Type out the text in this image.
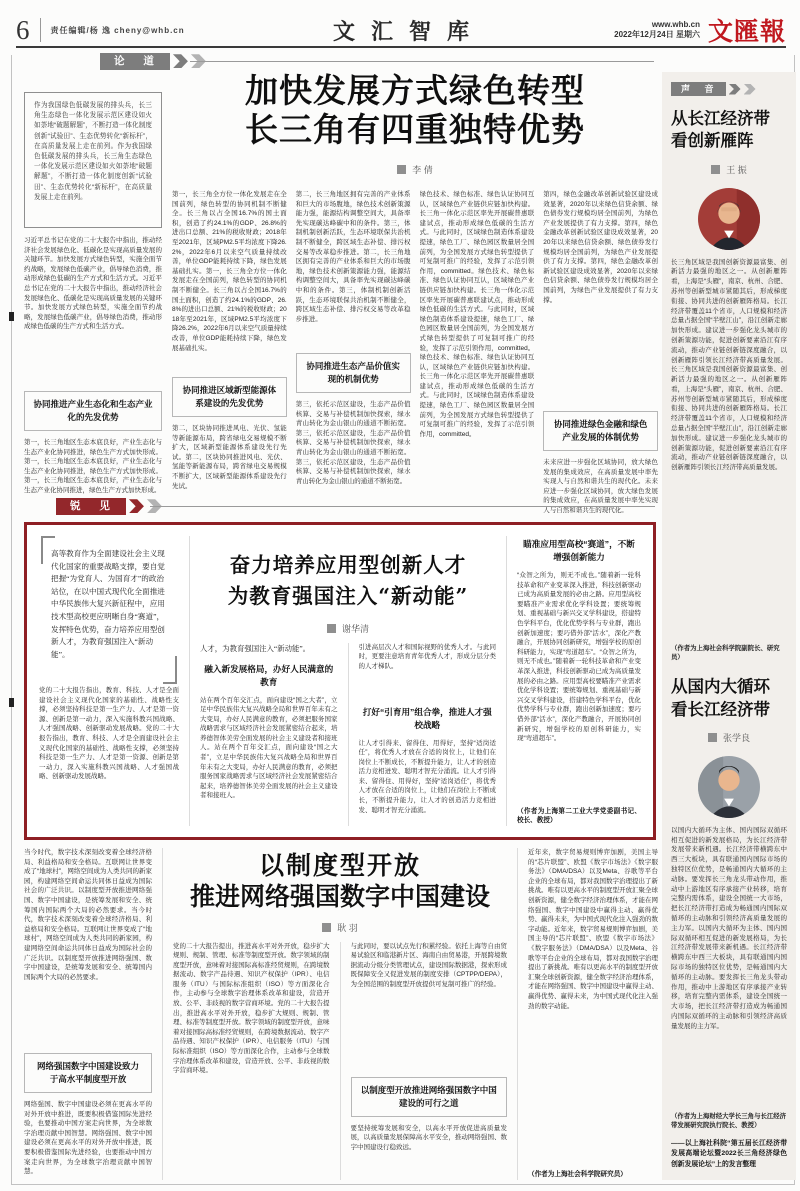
6	责任编辑/杨 逸 cheny@whb.cn	文汇智库	www.whb.cn
2022年12月24日 星期六 文匯報
论 道
加快发展方式绿色转型
长三角有四重独特优势
李 倩
作为我国绿色低碳发展的排头兵，长三角生态绿色一体化发展示范区建设如火如荼地“破题解题”，不断打造一体化制度创新“试验田”、生态优势转化“新标杆”，在高质量发展上走在前列。作为我国绿色低碳发展的排头兵，长三角生态绿色一体化发展示范区建设如火如荼地“破题解题”，不断打造一体化制度创新“试验田”、生态优势转化“新标杆”，在高质量发展上走在前列。
习近平总书记在党的二十大报告中指出，推动经济社会发展绿色化、低碳化是实现高质量发展的关键环节。加快发展方式绿色转型，实施全面节约战略，发展绿色低碳产业，倡导绿色消费，推动形成绿色低碳的生产方式和生活方式。习近平总书记在党的二十大报告中指出，推动经济社会发展绿色化、低碳化是实现高质量发展的关键环节。加快发展方式绿色转型，实施全面节约战略，发展绿色低碳产业，倡导绿色消费，推动形成绿色低碳的生产方式和生活方式。
协同推进产业生态化和生态产业化的先发优势
第一，长三角地区生态本底良好，产业生态化与生态产业化协同推进，绿色生产方式加快形成。第一，长三角地区生态本底良好，产业生态化与生态产业化协同推进，绿色生产方式加快形成。第一，长三角地区生态本底良好，产业生态化与生态产业化协同推进，绿色生产方式加快形成。
第一，长三角全方位一体化发展走在全国前列，绿色转型的协同机制不断健全。长三角以占全国16.7%的国土面积，创造了约24.1%的GDP、26.8%的进出口总额、21%的税收财政；2018年至2021年，区域PM2.5平均浓度下降26.2%，2022年6月以来空气质量持续改善，单位GDP能耗持续下降，绿色发展基础扎实。第一，长三角全方位一体化发展走在全国前列，绿色转型的协同机制不断健全。长三角以占全国16.7%的国土面积，创造了约24.1%的GDP、26.8%的进出口总额、21%的税收财政；2018年至2021年，区域PM2.5平均浓度下降26.2%，2022年6月以来空气质量持续改善，单位GDP能耗持续下降，绿色发展基础扎实。
协同推进区域新型能源体系建设的先发优势
第二，区块协同推进风电、光伏、氢能等新能源布局，跨省绿电交易规模不断扩大，区域新型能源体系建设先行先试。第二，区块协同推进风电、光伏、氢能等新能源布局，跨省绿电交易规模不断扩大，区域新型能源体系建设先行先试。
第二，长三角地区拥有完善的产业体系和巨大的市场腹地，绿色技术创新策源能力强，能源结构调整空间大，具备率先实现碳达峰碳中和的条件。第三，体制机制创新活跃，生态环境联保共治机制不断健全，跨区域生态补偿、排污权交易等改革稳步推进。第二，长三角地区拥有完善的产业体系和巨大的市场腹地，绿色技术创新策源能力强，能源结构调整空间大，具备率先实现碳达峰碳中和的条件。第三，体制机制创新活跃，生态环境联保共治机制不断健全，跨区域生态补偿、排污权交易等改革稳步推进。
协同推进生态产品价值实现的机制优势
第三，依托示范区建设，生态产品价值核算、交易与补偿机制加快探索，绿水青山转化为金山银山的通道不断拓宽。第三，依托示范区建设，生态产品价值核算、交易与补偿机制加快探索，绿水青山转化为金山银山的通道不断拓宽。第三，依托示范区建设，生态产品价值核算、交易与补偿机制加快探索，绿水青山转化为金山银山的通道不断拓宽。
绿色技术、绿色标准、绿色认证协同互认，区域绿色产业链供应链加快构建。长三角一体化示范区率先开展碳普惠联建试点，推动形成绿色低碳的生活方式。与此同时，区域绿色制造体系建设提速，绿色工厂、绿色园区数量居全国前列，为全国发展方式绿色转型提供了可复制可推广的经验，发挥了示范引领作用，committed。绿色技术、绿色标准、绿色认证协同互认，区域绿色产业链供应链加快构建。长三角一体化示范区率先开展碳普惠联建试点，推动形成绿色低碳的生活方式。与此同时，区域绿色制造体系建设提速，绿色工厂、绿色园区数量居全国前列，为全国发展方式绿色转型提供了可复制可推广的经验，发挥了示范引领作用，committed。绿色技术、绿色标准、绿色认证协同互认，区域绿色产业链供应链加快构建。长三角一体化示范区率先开展碳普惠联建试点，推动形成绿色低碳的生活方式。与此同时，区域绿色制造体系建设提速，绿色工厂、绿色园区数量居全国前列，为全国发展方式绿色转型提供了可复制可推广的经验，发挥了示范引领作用，committed。
第四，绿色金融改革创新试验区建设成效显著，2020年以来绿色信贷余额、绿色债券发行规模均居全国前列，为绿色产业发展提供了有力支撑。第四，绿色金融改革创新试验区建设成效显著，2020年以来绿色信贷余额、绿色债券发行规模均居全国前列，为绿色产业发展提供了有力支撑。第四，绿色金融改革创新试验区建设成效显著，2020年以来绿色信贷余额、绿色债券发行规模均居全国前列，为绿色产业发展提供了有力支撑。
协同推进绿色金融和绿色产业发展的体制优势
未来应进一步强化区域协同，放大绿色发展的集成效应，在高质量发展中率先实现人与自然和谐共生的现代化。未来应进一步强化区域协同，放大绿色发展的集成效应，在高质量发展中率先实现人与自然和谐共生的现代化。
锐 见
高等教育作为全面建设社会主义现代化国家的重要战略支撑，要自觉把握“为党育人、为国育才”的政治站位，在以中国式现代化全面推进中华民族伟大复兴新征程中，应用技术型高校更应明晰自身“赛道”，发挥特色优势，奋力培养应用型创新人才，为教育强国注入“新动能”。
党的二十大报告指出，教育、科技、人才是全面建设社会主义现代化国家的基础性、战略性支撑，必须坚持科技是第一生产力、人才是第一资源、创新是第一动力，深入实施科教兴国战略、人才强国战略、创新驱动发展战略。党的二十大报告指出，教育、科技、人才是全面建设社会主义现代化国家的基础性、战略性支撑，必须坚持科技是第一生产力、人才是第一资源、创新是第一动力，深入实施科教兴国战略、人才强国战略、创新驱动发展战略。
奋力培养应用型创新人才
为教育强国注入“新动能”
谢华清
人才，为教育强国注入“新动能”。
融入新发展格局，办好人民满意的教育
站在两个百年交汇点，面向建设“国之大者”，立足中华民族伟大复兴战略全局和世界百年未有之大变局，办好人民满意的教育，必须把服务国家战略需求与区域经济社会发展紧密结合起来，培养德智体美劳全面发展的社会主义建设者和接班人。站在两个百年交汇点，面向建设“国之大者”，立足中华民族伟大复兴战略全局和世界百年未有之大变局，办好人民满意的教育，必须把服务国家战略需求与区域经济社会发展紧密结合起来，培养德智体美劳全面发展的社会主义建设者和接班人。
引进高层次人才和国际视野的优秀人才。与此同时，更要注意培育青年优秀人才，形成分层分类的人才梯队。
打好“引育用”组合拳，推进人才强校战略
让人才引得来、留得住、用得好，坚持“适岗适任”，将优秀人才放在合适的岗位上，让他们在岗位上不断成长，不断提升能力，让人才的创造活力竞相迸发、聪明才智充分涌流。让人才引得来、留得住、用得好，坚持“适岗适任”，将优秀人才放在合适的岗位上，让他们在岗位上不断成长，不断提升能力，让人才的创造活力竞相迸发、聪明才智充分涌流。
瞄准应用型高校“赛道”，不断增强创新能力
“众智之所为，则无不成也。”随着新一轮科技革命和产业变革深入推进，科技创新驱动已成为高质量发展的必由之路。应用型高校要瞄准产业需求优化学科设置；要统筹规划、重视基础与新兴交叉学科建设，搭建特色学科平台，优化优势学科与专业群，跑出创新加速度；要巧借外部“活水”，深化产教融合，开展协同创新研究，增强学校的原创科研能力，实现“弯道超车”。“众智之所为，则无不成也。”随着新一轮科技革命和产业变革深入推进，科技创新驱动已成为高质量发展的必由之路。应用型高校要瞄准产业需求优化学科设置；要统筹规划、重视基础与新兴交叉学科建设，搭建特色学科平台，优化优势学科与专业群，跑出创新加速度；要巧借外部“活水”，深化产教融合，开展协同创新研究，增强学校的原创科研能力，实现“弯道超车”。
（作者为上海第二工业大学党委副书记、校长、教授）
当今时代，数字技术深刻改变着全球经济格局、利益格局和安全格局。互联网让世界变成了“地球村”，网络空间成为人类共同的新家园，构建网络空间命运共同体日益成为国际社会的广泛共识。以制度型开放推进网络强国、数字中国建设，是统筹发展和安全、统筹国内国际两个大局的必然要求。当今时代，数字技术深刻改变着全球经济格局、利益格局和安全格局。互联网让世界变成了“地球村”，网络空间成为人类共同的新家园，构建网络空间命运共同体日益成为国际社会的广泛共识。以制度型开放推进网络强国、数字中国建设，是统筹发展和安全、统筹国内国际两个大局的必然要求。
网络强国数字中国建设致力于高水平制度型开放
网络强国、数字中国建设必须在更高水平的对外开放中推进，既要积极借鉴国际先进经验，也要推动中国方案走向世界，为全球数字治理贡献中国智慧。网络强国、数字中国建设必须在更高水平的对外开放中推进，既要积极借鉴国际先进经验，也要推动中国方案走向世界，为全球数字治理贡献中国智慧。
以制度型开放
推进网络强国数字中国建设
耿 羽
党的二十大报告提出，推进高水平对外开放，稳步扩大规则、规制、管理、标准等制度型开放。数字领域的制度型开放，意味着对接国际高标准经贸规则，在跨境数据流动、数字产品待遇、知识产权保护（IPR）、电信服务（ITU）与国际标准组织（ISO）等方面深化合作，主动参与全球数字治理体系改革和建设，营造开放、公平、非歧视的数字营商环境。党的二十大报告提出，推进高水平对外开放，稳步扩大规则、规制、管理、标准等制度型开放。数字领域的制度型开放，意味着对接国际高标准经贸规则，在跨境数据流动、数字产品待遇、知识产权保护（IPR）、电信服务（ITU）与国际标准组织（ISO）等方面深化合作，主动参与全球数字治理体系改革和建设，营造开放、公平、非歧视的数字营商环境。
与此同时，要以试点先行积累经验。依托上海等自由贸易试验区和临港新片区、海南自由贸易港，开展跨境数据流动分级分类管理试点，建设国际数据港，探索形成既保障安全又促进发展的制度安排（CPTPP/DEPA），为全国范围的制度型开放提供可复制可推广的经验。
以制度型开放推进网络强国数字中国建设的可行之道
要坚持统筹发展和安全，以高水平开放促进高质量发展，以高质量发展保障高水平安全，推动网络强国、数字中国建设行稳致远。
近年来，数字贸易规则博弈加剧，美国主导的“芯片联盟”、欧盟《数字市场法》《数字服务法》（DMA/DSA）以及Meta、谷歌等平台企业的全球布局，都对我国数字治理提出了新挑战。唯有以更高水平的制度型开放汇聚全球创新资源，健全数字经济治理体系，才能在网络强国、数字中国建设中赢得主动、赢得优势、赢得未来，为中国式现代化注入强劲的数字动能。近年来，数字贸易规则博弈加剧，美国主导的“芯片联盟”、欧盟《数字市场法》《数字服务法》（DMA/DSA）以及Meta、谷歌等平台企业的全球布局，都对我国数字治理提出了新挑战。唯有以更高水平的制度型开放汇聚全球创新资源，健全数字经济治理体系，才能在网络强国、数字中国建设中赢得主动、赢得优势、赢得未来，为中国式现代化注入强劲的数字动能。
（作者为上海社会科学院研究员）
声 音
从长江经济带
看创新雁阵
王 振
长三角区域是我国创新资源最富集、创新活力最强的地区之一。从创新雁阵看，上海是“头雁”，南京、杭州、合肥、苏州等创新型城市紧随其后，形成梯度衔接、协同共进的创新雁阵格局。长江经济带覆盖11个省市，人口规模和经济总量占据全国“半壁江山”，沿江创新走廊加快形成。建议进一步强化龙头城市的创新策源功能，促进创新要素沿江有序流动，推动产业链创新链深度融合，以创新雁阵引领长江经济带高质量发展。长三角区域是我国创新资源最富集、创新活力最强的地区之一。从创新雁阵看，上海是“头雁”，南京、杭州、合肥、苏州等创新型城市紧随其后，形成梯度衔接、协同共进的创新雁阵格局。长江经济带覆盖11个省市，人口规模和经济总量占据全国“半壁江山”，沿江创新走廊加快形成。建议进一步强化龙头城市的创新策源功能，促进创新要素沿江有序流动，推动产业链创新链深度融合，以创新雁阵引领长江经济带高质量发展。
（作者为上海社会科学院副院长、研究员）
从国内大循环
看长江经济带
张学良
以国内大循环为主体、国内国际双循环相互促进的新发展格局，为长江经济带发展带来新机遇。长江经济带横跨东中西三大板块，具有联通国内国际市场的独特区位优势，是畅通国内大循环的主动脉。要发挥长三角龙头带动作用，推动中上游地区有序承接产业转移，培育完整内需体系，建设全国统一大市场，把长江经济带打造成为畅通国内国际双循环的主动脉和引领经济高质量发展的主力军。以国内大循环为主体、国内国际双循环相互促进的新发展格局，为长江经济带发展带来新机遇。长江经济带横跨东中西三大板块，具有联通国内国际市场的独特区位优势，是畅通国内大循环的主动脉。要发挥长三角龙头带动作用，推动中上游地区有序承接产业转移，培育完整内需体系，建设全国统一大市场，把长江经济带打造成为畅通国内国际双循环的主动脉和引领经济高质量发展的主力军。
（作者为上海财经大学长三角与长江经济带发展研究院执行院长、教授）
——以上海社科院“第五届长江经济带发展高端论坛暨2022长三角经济绿色创新发展论坛”上的发言整理
